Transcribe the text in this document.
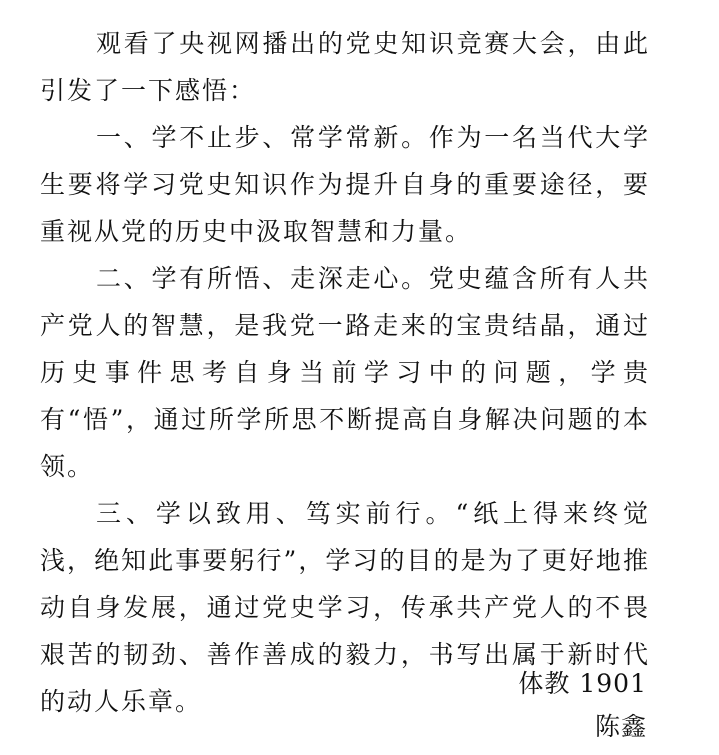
观看了央视网播出的党史知识竞赛大会，由此引发了一下感悟：

一、学不止步、常学常新。作为一名当代大学生要将学习党史知识作为提升自身的重要途径，要重视从党的历史中汲取智慧和力量。

二、学有所悟、走深走心。党史蕴含所有人共产党人的智慧，是我党一路走来的宝贵结晶，通过历史事件思考自身当前学习中的问题，学贵有“悟”，通过所学所思不断提高自身解决问题的本领。

三、学以致用、笃实前行。“纸上得来终觉浅，绝知此事要躬行”，学习的目的是为了更好地推动自身发展，通过党史学习，传承共产党人的不畏艰苦的韧劲、善作善成的毅力，书写出属于新时代的动人乐章。

体教 1901
陈鑫
